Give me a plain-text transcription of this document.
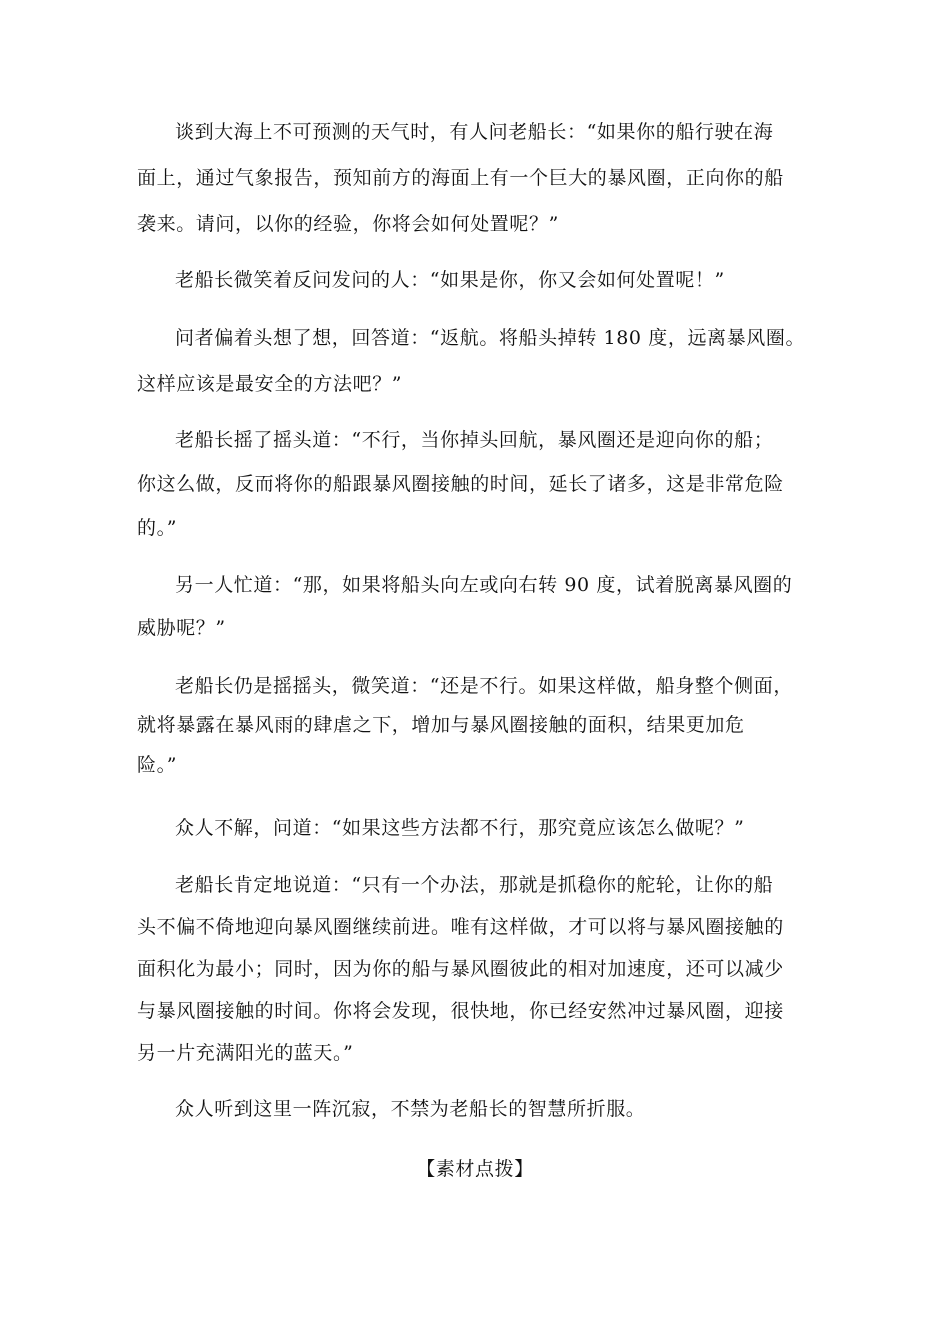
谈到大海上不可预测的天气时，有人问老船长：“如果你的船行驶在海
面上，通过气象报告，预知前方的海面上有一个巨大的暴风圈，正向你的船
袭来。请问，以你的经验，你将会如何处置呢？”
老船长微笑着反问发问的人：“如果是你，你又会如何处置呢！”
问者偏着头想了想，回答道：“返航。将船头掉转 180 度，远离暴风圈。
这样应该是最安全的方法吧？”
老船长摇了摇头道：“不行，当你掉头回航，暴风圈还是迎向你的船；
你这么做，反而将你的船跟暴风圈接触的时间，延长了诸多，这是非常危险
的。”
另一人忙道：“那，如果将船头向左或向右转 90 度，试着脱离暴风圈的
威胁呢？”
老船长仍是摇摇头，微笑道：“还是不行。如果这样做，船身整个侧面，
就将暴露在暴风雨的肆虐之下，增加与暴风圈接触的面积，结果更加危
险。”
众人不解，问道：“如果这些方法都不行，那究竟应该怎么做呢？”
老船长肯定地说道：“只有一个办法，那就是抓稳你的舵轮，让你的船
头不偏不倚地迎向暴风圈继续前进。唯有这样做，才可以将与暴风圈接触的
面积化为最小；同时，因为你的船与暴风圈彼此的相对加速度，还可以减少
与暴风圈接触的时间。你将会发现，很快地，你已经安然冲过暴风圈，迎接
另一片充满阳光的蓝天。”
众人听到这里一阵沉寂，不禁为老船长的智慧所折服。
【素材点拨】
